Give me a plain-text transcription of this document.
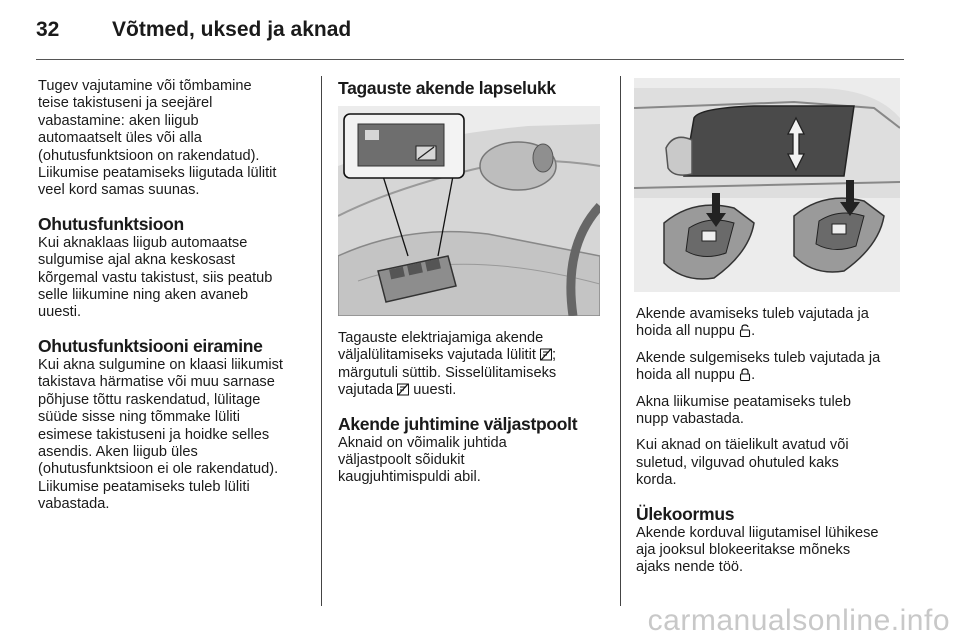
32	Võtmed, uksed ja aknad
Tugev vajutamine või tõmbamine
teise takistuseni ja seejärel
vabastamine: aken liigub
automaatselt üles või alla
(ohutusfunktsioon on rakendatud).
Liikumise peatamiseks liigutada lülitit
veel kord samas suunas.
Ohutusfunktsioon
Kui aknaklaas liigub automaatse
sulgumise ajal akna keskosast
kõrgemal vastu takistust, siis peatub
selle liikumine ning aken avaneb
uuesti.
Ohutusfunktsiooni eiramine
Kui akna sulgumine on klaasi liikumist
takistava härmatise või muu sarnase
põhjuse tõttu raskendatud, lülitage
süüde sisse ning tõmmake lüliti
esimese takistuseni ja hoidke selles
asendis. Aken liigub üles
(ohutusfunktsioon ei ole rakendatud).
Liikumise peatamiseks tuleb lüliti
vabastada.
Tagauste akende lapselukk
Tagauste elektriajamiga akende
väljalülitamiseks vajutada lülitit ;
märgutuli süttib. Sisselülitamiseks
vajutada  uuesti.
Akende juhtimine väljastpoolt
Aknaid on võimalik juhtida
väljastpoolt sõidukit
kaugjuhtimispuldi abil.
Akende avamiseks tuleb vajutada ja
hoida all nuppu .
Akende sulgemiseks tuleb vajutada ja
hoida all nuppu .
Akna liikumise peatamiseks tuleb
nupp vabastada.
Kui aknad on täielikult avatud või
suletud, vilguvad ohutuled kaks
korda.
Ülekoormus
Akende korduval liigutamisel lühikese
aja jooksul blokeeritakse mõneks
ajaks nende töö.
carmanualsonline.info
